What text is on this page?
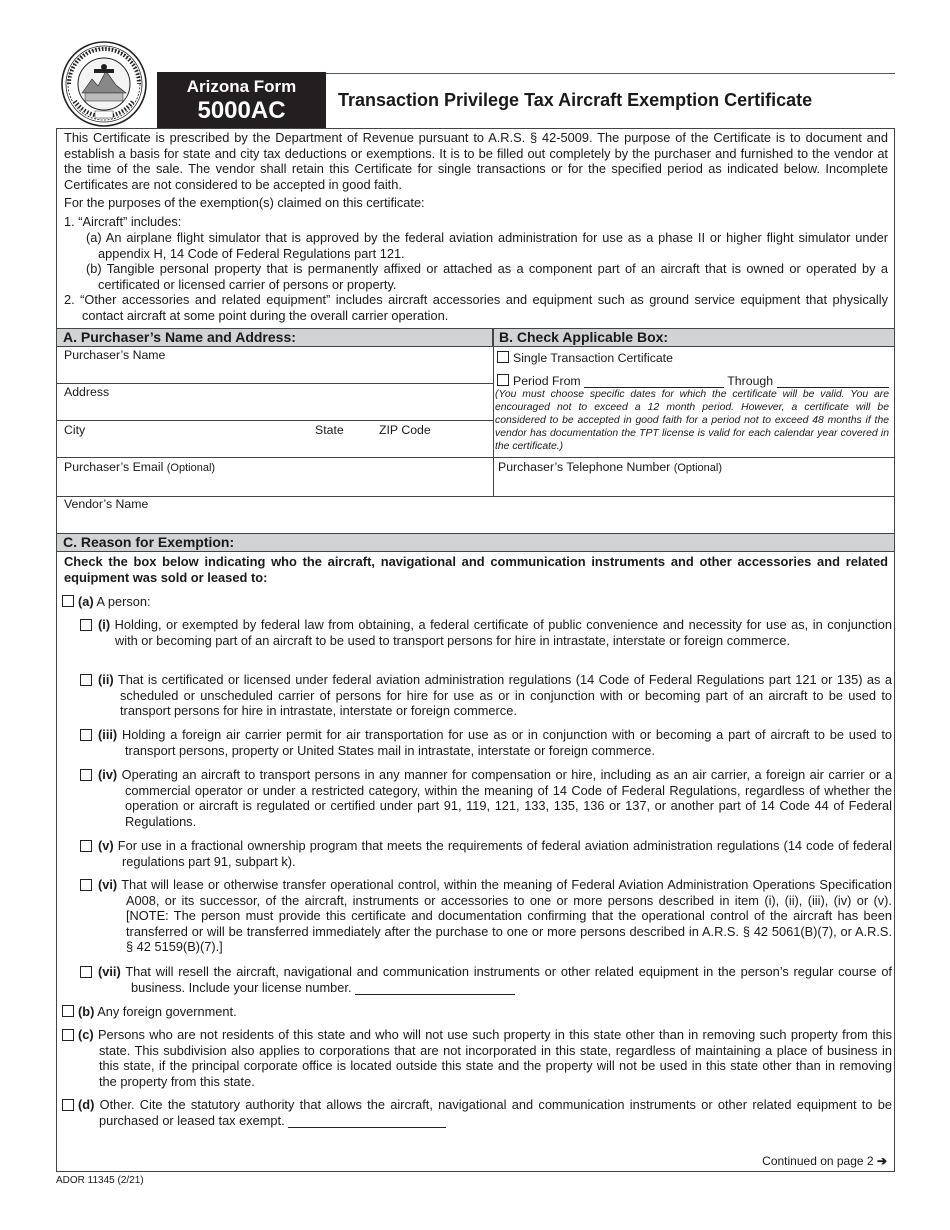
Arizona Form
5000AC	Transaction Privilege Tax Aircraft Exemption Certificate
This Certificate is prescribed by the Department of Revenue pursuant to A.R.S. § 42-5009. The purpose of the Certificate is to document and establish a basis for state and city tax deductions or exemptions. It is to be filled out completely by the purchaser and furnished to the vendor at the time of the sale. The vendor shall retain this Certificate for single transactions or for the specified period as indicated below. Incomplete Certificates are not considered to be accepted in good faith.
For the purposes of the exemption(s) claimed on this certificate:
1. “Aircraft” includes:
(a) An airplane flight simulator that is approved by the federal aviation administration for use as a phase II or higher flight simulator under appendix H, 14 Code of Federal Regulations part 121.
(b) Tangible personal property that is permanently affixed or attached as a component part of an aircraft that is owned or operated by a certificated or licensed carrier of persons or property.
2. “Other accessories and related equipment” includes aircraft accessories and equipment such as ground service equipment that physically contact aircraft at some point during the overall carrier operation.
A. Purchaser’s Name and Address:	B. Check Applicable Box:
Purchaser’s Name
Address
City	State	ZIP Code
Purchaser’s Email (Optional)
Single Transaction Certificate
Period From	Through
(You must choose specific dates for which the certificate will be valid. You are encouraged not to exceed a 12 month period. However, a certificate will be considered to be accepted in good faith for a period not to exceed 48 months if the vendor has documentation the TPT license is valid for each calendar year covered in the certificate.)
Purchaser’s Telephone Number (Optional)
Vendor’s Name
C. Reason for Exemption:
Check the box below indicating who the aircraft, navigational and communication instruments and other accessories and related equipment was sold or leased to:
(a) A person:
(i) Holding, or exempted by federal law from obtaining, a federal certificate of public convenience and necessity for use as, in conjunction with or becoming part of an aircraft to be used to transport persons for hire in intrastate, interstate or foreign commerce.
(ii) That is certificated or licensed under federal aviation administration regulations (14 Code of Federal Regulations part 121 or 135) as a scheduled or unscheduled carrier of persons for hire for use as or in conjunction with or becoming part of an aircraft to be used to transport persons for hire in intrastate, interstate or foreign commerce.
(iii) Holding a foreign air carrier permit for air transportation for use as or in conjunction with or becoming a part of aircraft to be used to transport persons, property or United States mail in intrastate, interstate or foreign commerce.
(iv) Operating an aircraft to transport persons in any manner for compensation or hire, including as an air carrier, a foreign air carrier or a commercial operator or under a restricted category, within the meaning of 14 Code of Federal Regulations, regardless of whether the operation or aircraft is regulated or certified under part 91, 119, 121, 133, 135, 136 or 137, or another part of 14 Code 44 of Federal Regulations.
(v) For use in a fractional ownership program that meets the requirements of federal aviation administration regulations (14 code of federal regulations part 91, subpart k).
(vi) That will lease or otherwise transfer operational control, within the meaning of Federal Aviation Administration Operations Specification A008, or its successor, of the aircraft, instruments or accessories to one or more persons described in item (i), (ii), (iii), (iv) or (v). [NOTE: The person must provide this certificate and documentation confirming that the operational control of the aircraft has been transferred or will be transferred immediately after the purchase to one or more persons described in A.R.S. § 42 5061(B)(7), or A.R.S. § 42 5159(B)(7).]
(vii) That will resell the aircraft, navigational and communication instruments or other related equipment in the person’s regular course of business. Include your license number.
(b) Any foreign government.
(c) Persons who are not residents of this state and who will not use such property in this state other than in removing such property from this state. This subdivision also applies to corporations that are not incorporated in this state, regardless of maintaining a place of business in this state, if the principal corporate office is located outside this state and the property will not be used in this state other than in removing the property from this state.
(d) Other. Cite the statutory authority that allows the aircraft, navigational and communication instruments or other related equipment to be purchased or leased tax exempt.
Continued on page 2 ➔
ADOR 11345 (2/21)
